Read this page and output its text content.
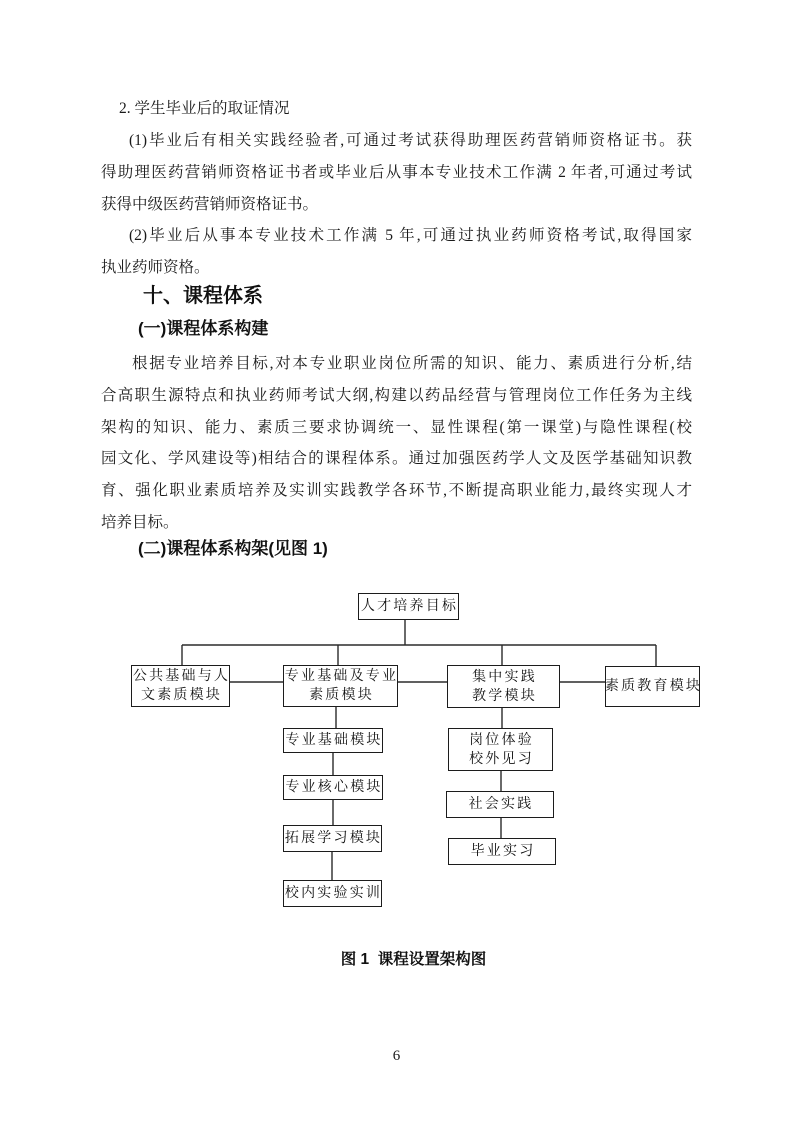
2. 学生毕业后的取证情况
(1)毕业后有相关实践经验者,可通过考试获得助理医药营销师资格证书。获
得助理医药营销师资格证书者或毕业后从事本专业技术工作满 2 年者,可通过考试
获得中级医药营销师资格证书。
(2)毕业后从事本专业技术工作满 5 年,可通过执业药师资格考试,取得国家
执业药师资格。
十、课程体系
(一)课程体系构建
根据专业培养目标,对本专业职业岗位所需的知识、能力、素质进行分析,结
合高职生源特点和执业药师考试大纲,构建以药品经营与管理岗位工作任务为主线
架构的知识、能力、素质三要求协调统一、显性课程(第一课堂)与隐性课程(校
园文化、学风建设等)相结合的课程体系。通过加强医药学人文及医学基础知识教
育、强化职业素质培养及实训实践教学各环节,不断提高职业能力,最终实现人才
培养目标。
(二)课程体系构架(见图 1)
人才培养目标
公共基础与人
文素质模块
专业基础及专业
素质模块
集中实践
教学模块
素质教育模块
专业基础模块
专业核心模块
拓展学习模块
校内实验实训
岗位体验
校外见习
社会实践
毕业实习
图 1  课程设置架构图
6
